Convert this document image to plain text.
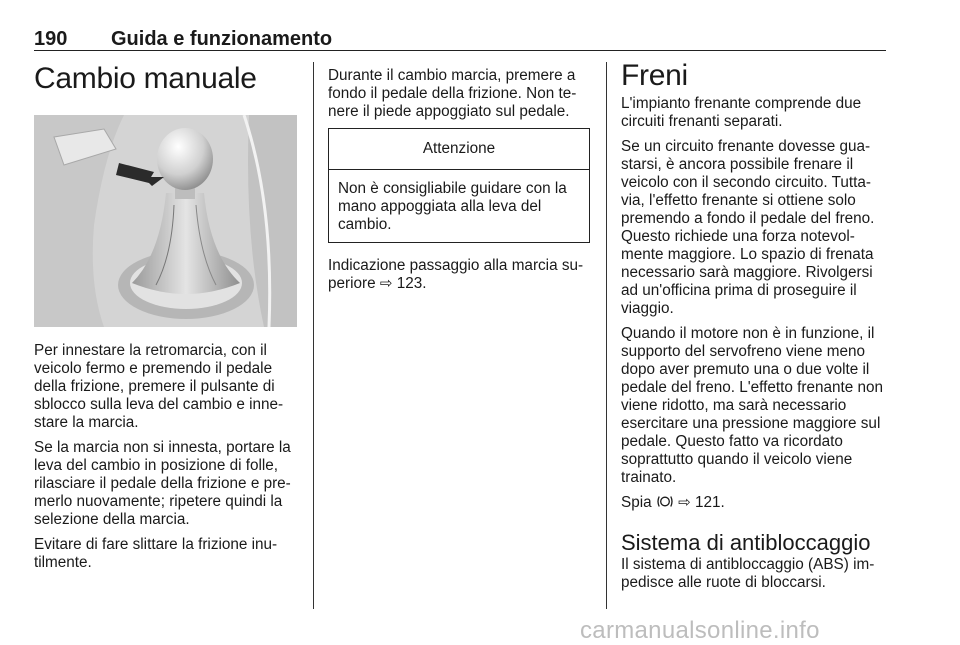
190 Guida e funzionamento
Cambio manuale

Per innestare la retromarcia, con il veicolo fermo e premendo il pedale della frizione, premere il pulsante di sblocco sulla leva del cambio e inne- stare la marcia.

Se la marcia non si innesta, portare la leva del cambio in posizione di folle, rilasciare il pedale della frizione e pre- merlo nuovamente; ripetere quindi la selezione della marcia.

Evitare di fare slittare la frizione inu- tilmente.

Durante il cambio marcia, premere a fondo il pedale della frizione. Non te- nere il piede appoggiato sul pedale.

Attenzione
Non è consigliabile guidare con la mano appoggiata alla leva del cambio.

Indicazione passaggio alla marcia su- periore ⇨ 123.

Freni

L'impianto frenante comprende due circuiti frenanti separati.

Se un circuito frenante dovesse gua- starsi, è ancora possibile frenare il veicolo con il secondo circuito. Tutta- via, l'effetto frenante si ottiene solo premendo a fondo il pedale del freno. Questo richiede una forza notevol- mente maggiore. Lo spazio di frenata necessario sarà maggiore. Rivolgersi ad un'officina prima di proseguire il viaggio.

Quando il motore non è in funzione, il supporto del servofreno viene meno dopo aver premuto una o due volte il pedale del freno. L'effetto frenante non viene ridotto, ma sarà necessario esercitare una pressione maggiore sul pedale. Questo fatto va ricordato soprattutto quando il veicolo viene trainato.

Spia ⇨ 121.

Sistema di antibloccaggio

Il sistema di antibloccaggio (ABS) im- pedisce alle ruote di bloccarsi.

carmanualsonline.info
